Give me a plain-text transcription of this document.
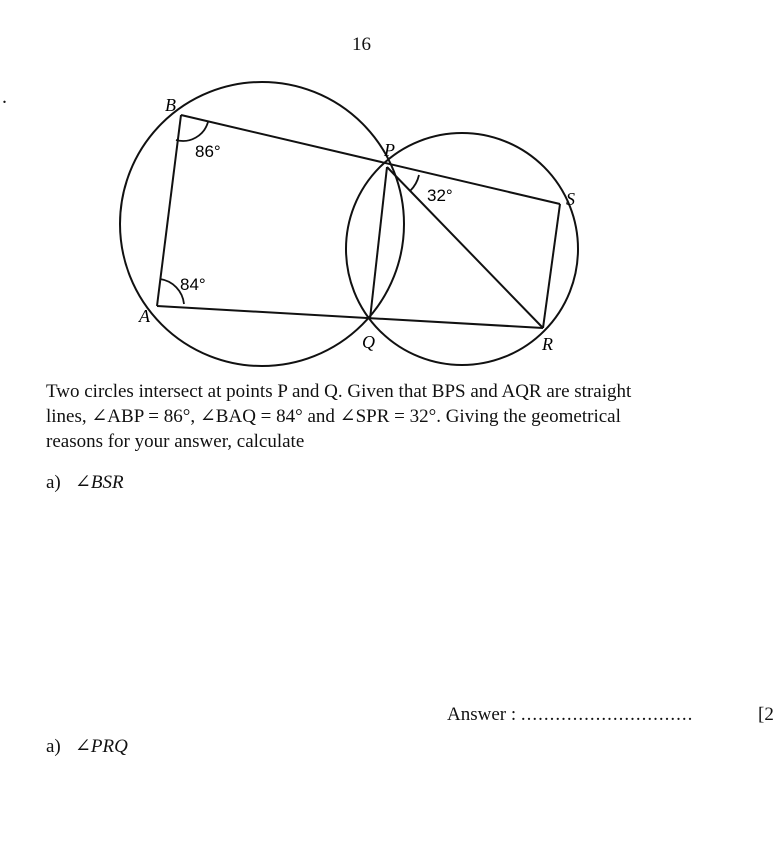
16
.	B
P
S
A
Q	R
86°
84°
32°
Two circles intersect at points P and Q. Given that BPS and AQR are straight
lines, ∠ABP = 86°, ∠BAQ = 84° and ∠SPR = 32°. Giving the geometrical
reasons for your answer, calculate
a) ∠BSR
Answer : ..............................	[2
a) ∠PRQ
